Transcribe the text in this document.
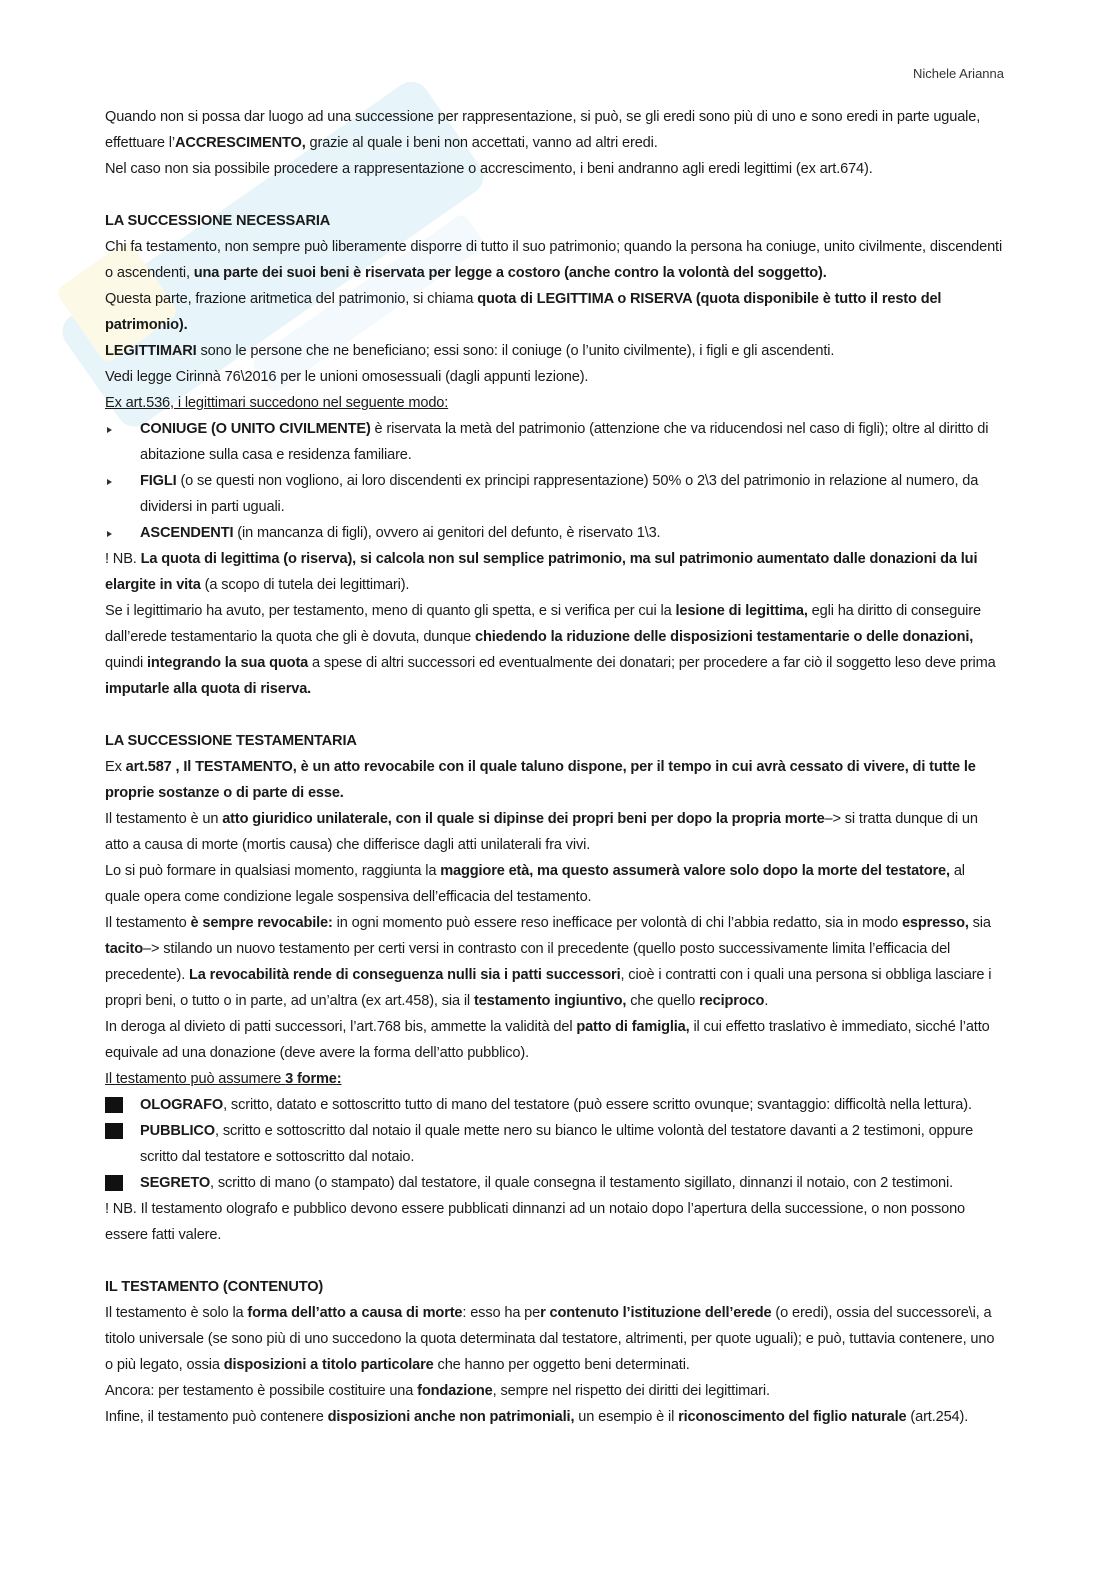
Nichele Arianna

Quando non si possa dar luogo ad una successione per rappresentazione, si può, se gli eredi sono più di uno e sono eredi in parte uguale, effettuare l’ACCRESCIMENTO, grazie al quale i beni non accettati, vanno ad altri eredi.

Nel caso non sia possibile procedere a rappresentazione o accrescimento, i beni andranno agli eredi legittimi (ex art.674).

LA SUCCESSIONE NECESSARIA

Chi fa testamento, non sempre può liberamente disporre di tutto il suo patrimonio; quando la persona ha coniuge, unito civilmente, discendenti o ascendenti, una parte dei suoi beni è riservata per legge a costoro (anche contro la volontà del soggetto).

Questa parte, frazione aritmetica del patrimonio, si chiama quota di LEGITTIMA o RISERVA (quota disponibile è tutto il resto del patrimonio).

LEGITTIMARI sono le persone che ne beneficiano; essi sono: il coniuge (o l’unito civilmente), i figli e gli ascendenti.

Vedi legge Cirinnà 76\2016 per le unioni omosessuali (dagli appunti lezione).

Ex art.536, i legittimari succedono nel seguente modo:

CONIUGE (O UNITO CIVILMENTE) è riservata la metà del patrimonio (attenzione che va riducendosi nel caso di figli); oltre al diritto di abitazione sulla casa e residenza familiare.
FIGLI (o se questi non vogliono, ai loro discendenti ex principi rappresentazione) 50% o 2\3 del patrimonio in relazione al numero, da dividersi in parti uguali.
ASCENDENTI (in mancanza di figli), ovvero ai genitori del defunto, è riservato 1\3.

! NB. La quota di legittima (o riserva), si calcola non sul semplice patrimonio, ma sul patrimonio aumentato dalle donazioni da lui elargite in vita (a scopo di tutela dei legittimari).

Se i legittimario ha avuto, per testamento, meno di quanto gli spetta, e si verifica per cui la lesione di legittima, egli ha diritto di conseguire dall’erede testamentario la quota che gli è dovuta, dunque chiedendo la riduzione delle disposizioni testamentarie o delle donazioni, quindi integrando la sua quota a spese di altri successori ed eventualmente dei donatari; per procedere a far ciò il soggetto leso deve prima imputarle alla quota di riserva.

LA SUCCESSIONE TESTAMENTARIA

Ex art.587 , Il TESTAMENTO, è un atto revocabile con il quale taluno dispone, per il tempo in cui avrà cessato di vivere, di tutte le proprie sostanze o di parte di esse.

Il testamento è un atto giuridico unilaterale, con il quale si dipinse dei propri beni per dopo la propria morte–> si tratta dunque di un atto a causa di morte (mortis causa) che differisce dagli atti unilaterali fra vivi.

Lo si può formare in qualsiasi momento, raggiunta la maggiore età, ma questo assumerà valore solo dopo la morte del testatore, al quale opera come condizione legale sospensiva dell’efficacia del testamento.

Il testamento è sempre revocabile: in ogni momento può essere reso inefficace per volontà di chi l’abbia redatto, sia in modo espresso, sia tacito–> stilando un nuovo testamento per certi versi in contrasto con il precedente (quello posto successivamente limita l’efficacia del precedente). La revocabilità rende di conseguenza nulli sia i patti successori, cioè i contratti con i quali una persona si obbliga lasciare i propri beni, o tutto o in parte, ad un’altra (ex art.458), sia il testamento ingiuntivo, che quello reciproco.

In deroga al divieto di patti successori, l’art.768 bis, ammette la validità del patto di famiglia, il cui effetto traslativo è immediato, sicché l’atto equivale ad una donazione (deve avere la forma dell’atto pubblico).

Il testamento può assumere 3 forme:

OLOGRAFO, scritto, datato e sottoscritto tutto di mano del testatore (può essere scritto ovunque; svantaggio: difficoltà nella lettura).
PUBBLICO, scritto e sottoscritto dal notaio il quale mette nero su bianco le ultime volontà del testatore davanti a 2 testimoni, oppure scritto dal testatore e sottoscritto dal notaio.
SEGRETO, scritto di mano (o stampato) dal testatore, il quale consegna il testamento sigillato, dinnanzi il notaio, con 2 testimoni.

! NB. Il testamento olografo e pubblico devono essere pubblicati dinnanzi ad un notaio dopo l’apertura della successione, o non possono essere fatti valere.

IL TESTAMENTO (CONTENUTO)

Il testamento è solo la forma dell’atto a causa di morte: esso ha per contenuto l’istituzione dell’erede (o eredi), ossia del successore\i, a titolo universale (se sono più di uno succedono la quota determinata dal testatore, altrimenti, per quote uguali); e può, tuttavia contenere, uno o più legato, ossia disposizioni a titolo particolare che hanno per oggetto beni determinati.

Ancora: per testamento è possibile costituire una fondazione, sempre nel rispetto dei diritti dei legittimari.

Infine, il testamento può contenere disposizioni anche non patrimoniali, un esempio è il riconoscimento del figlio naturale (art.254).
